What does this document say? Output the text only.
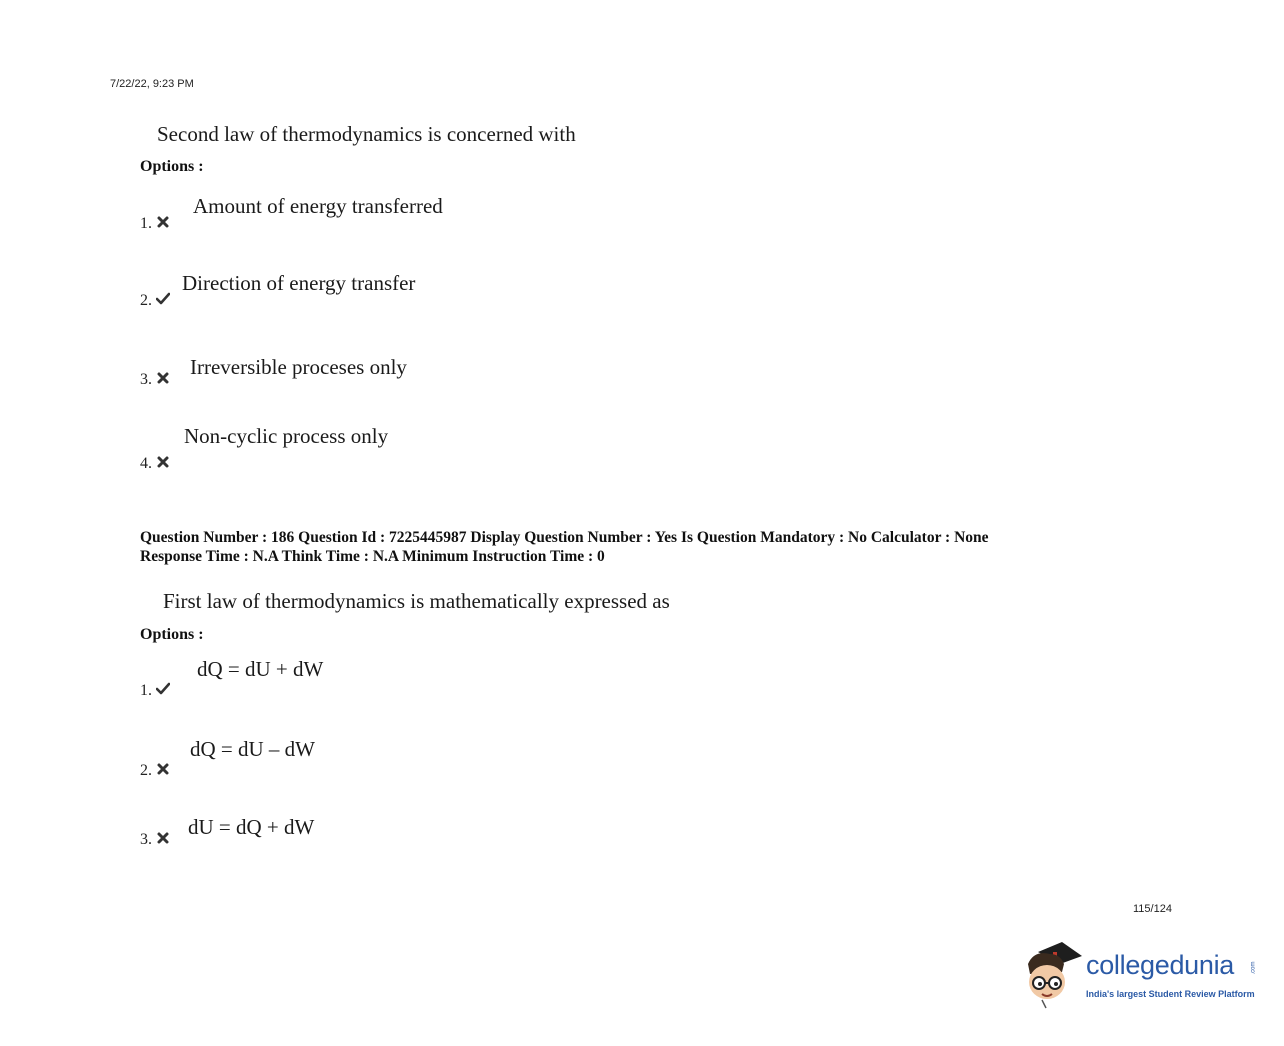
7/22/22, 9:23 PM
Second law of thermodynamics is concerned with
Options :
Amount of energy transferred
1.
Direction of energy transfer
2.
Irreversible proceses only
3.
Non-cyclic process only
4.
Question Number : 186 Question Id : 7225445987 Display Question Number : Yes Is Question Mandatory : No Calculator : None
Response Time : N.A Think Time : N.A Minimum Instruction Time : 0
First law of thermodynamics is mathematically expressed as
Options :
dQ = dU + dW
1.
dQ = dU – dW
2.
dU = dQ + dW
3.
115/124
collegedunia	.com
India's largest Student Review Platform
